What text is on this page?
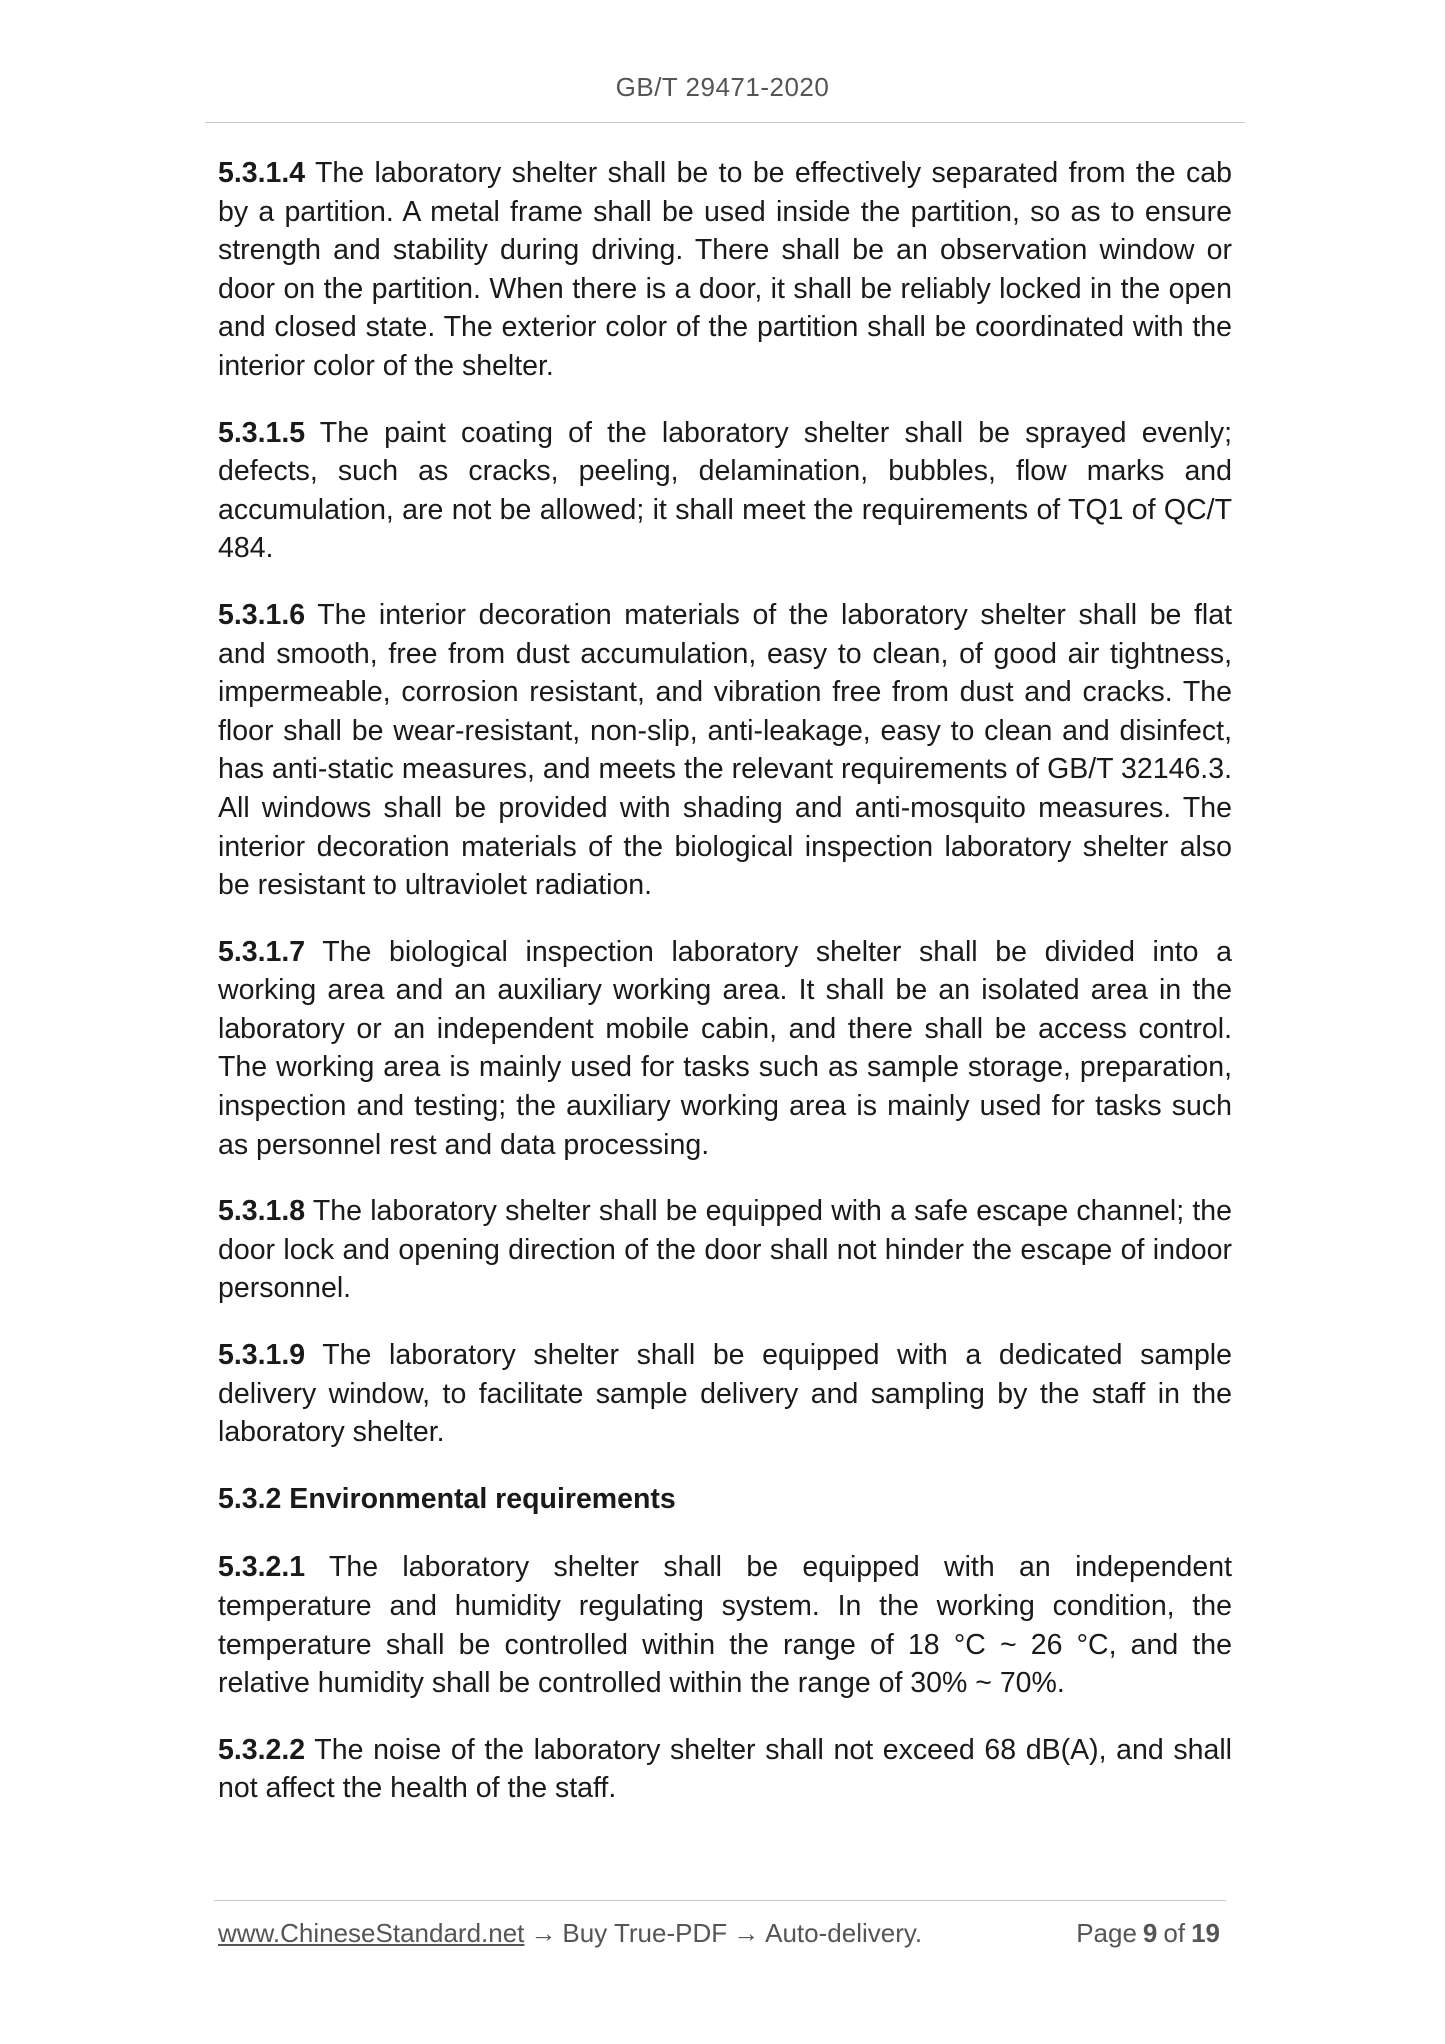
GB/T 29471-2020

5.3.1.4 The laboratory shelter shall be to be effectively separated from the cab by a partition. A metal frame shall be used inside the partition, so as to ensure strength and stability during driving. There shall be an observation window or door on the partition. When there is a door, it shall be reliably locked in the open and closed state. The exterior color of the partition shall be coordinated with the interior color of the shelter.

5.3.1.5 The paint coating of the laboratory shelter shall be sprayed evenly; defects, such as cracks, peeling, delamination, bubbles, flow marks and accumulation, are not be allowed; it shall meet the requirements of TQ1 of QC/T 484.

5.3.1.6 The interior decoration materials of the laboratory shelter shall be flat and smooth, free from dust accumulation, easy to clean, of good air tightness, impermeable, corrosion resistant, and vibration free from dust and cracks. The floor shall be wear-resistant, non-slip, anti-leakage, easy to clean and disinfect, has anti-static measures, and meets the relevant requirements of GB/T 32146.3. All windows shall be provided with shading and anti-mosquito measures. The interior decoration materials of the biological inspection laboratory shelter also be resistant to ultraviolet radiation.

5.3.1.7 The biological inspection laboratory shelter shall be divided into a working area and an auxiliary working area. It shall be an isolated area in the laboratory or an independent mobile cabin, and there shall be access control. The working area is mainly used for tasks such as sample storage, preparation, inspection and testing; the auxiliary working area is mainly used for tasks such as personnel rest and data processing.

5.3.1.8 The laboratory shelter shall be equipped with a safe escape channel; the door lock and opening direction of the door shall not hinder the escape of indoor personnel.

5.3.1.9 The laboratory shelter shall be equipped with a dedicated sample delivery window, to facilitate sample delivery and sampling by the staff in the laboratory shelter.

5.3.2 Environmental requirements

5.3.2.1 The laboratory shelter shall be equipped with an independent temperature and humidity regulating system. In the working condition, the temperature shall be controlled within the range of 18 °C ~ 26 °C, and the relative humidity shall be controlled within the range of 30% ~ 70%.

5.3.2.2 The noise of the laboratory shelter shall not exceed 68 dB(A), and shall not affect the health of the staff.

www.ChineseStandard.net → Buy True-PDF → Auto-delivery.	Page 9 of 19
